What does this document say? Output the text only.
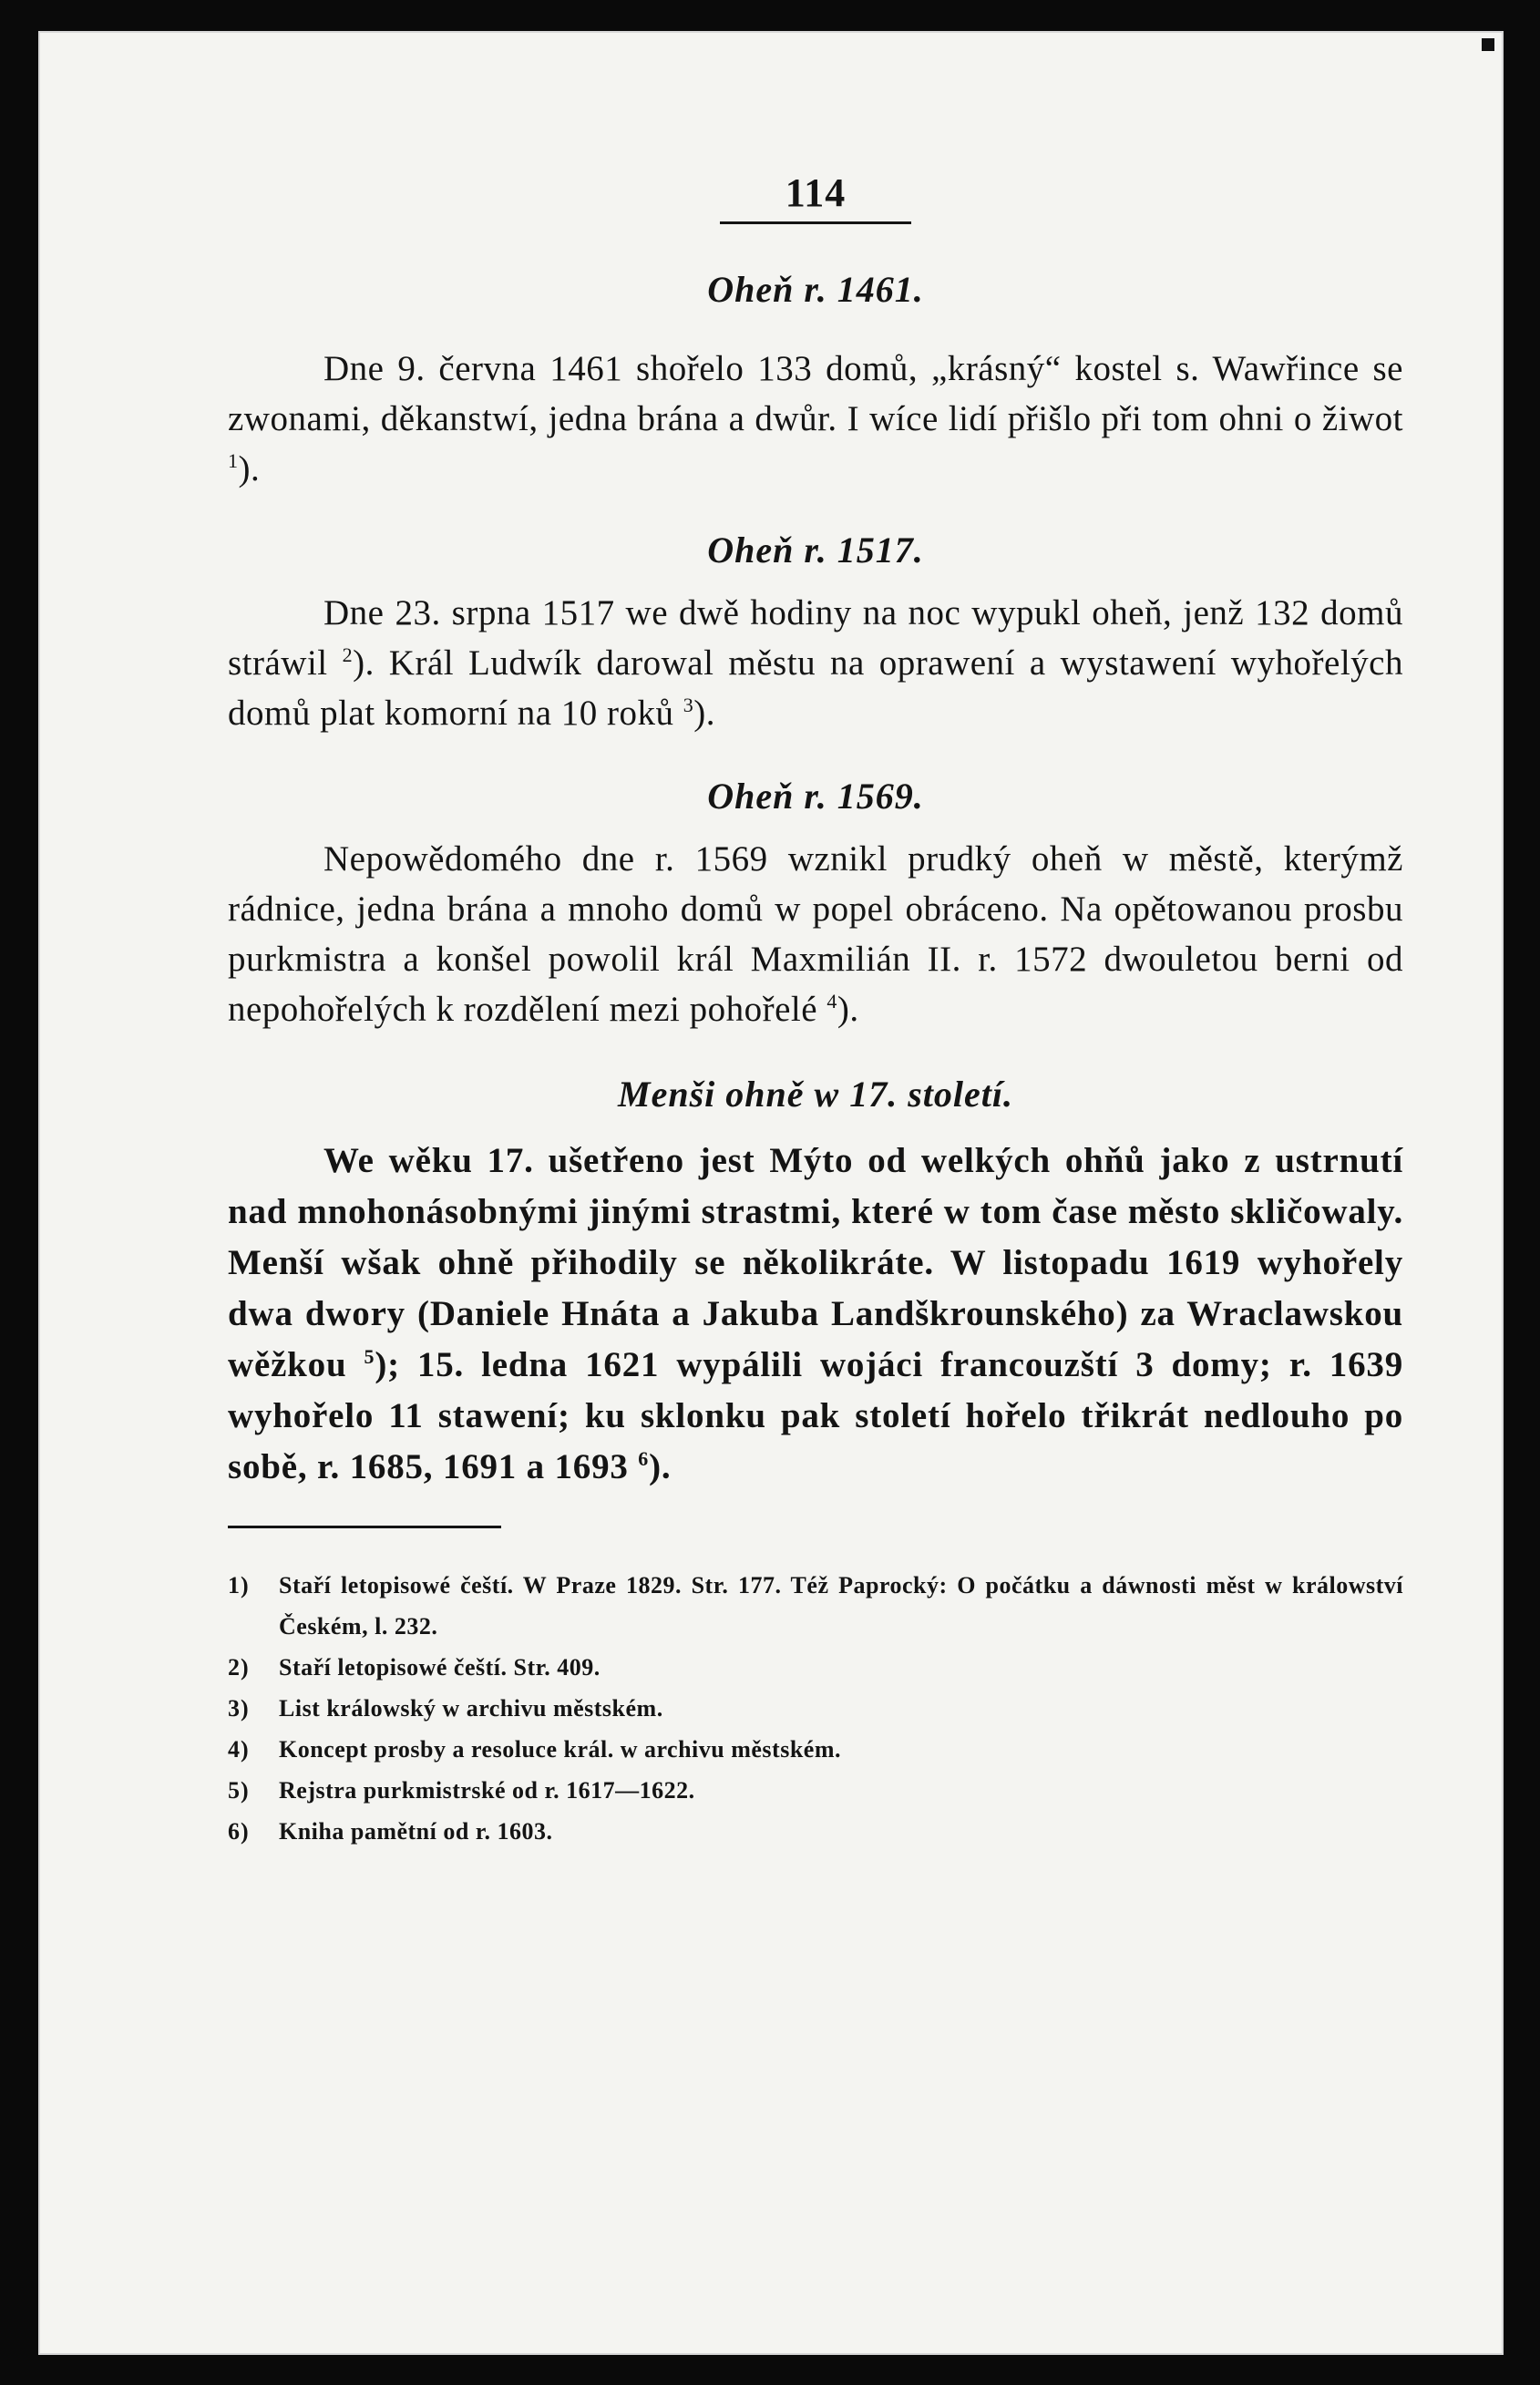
114
Oheň r. 1461.

Dne 9. června 1461 shořelo 133 domů, „krásný“ kostel s. Wawřince se zwonami, děkanstwí, jedna brána a dwůr. I wíce lidí přišlo při tom ohni o žiwot $^1$).

Oheň r. 1517.

Dne 23. srpna 1517 we dwě hodiny na noc wypukl oheň, jenž 132 domů stráwil $^2$). Král Ludwík darowal městu na oprawení a wystawení wyhořelých domů plat komorní na 10 roků $^3$).

Oheň r. 1569.

Nepowědomého dne r. 1569 wznikl prudký oheň w městě, kterýmž rádnice, jedna brána a mnoho domů w popel obráceno. Na opětowanou prosbu purkmistra a konšel powolil král Maxmilián II. r. 1572 dwouletou berni od nepohořelých k rozdělení mezi pohořelé $^4$).

Menši ohně w 17. století.

We wěku 17. ušetřeno jest Mýto od welkých ohňů jako z ustrnutí nad mnohonásobnými jinými strastmi, které w tom čase město skličowaly. Menší wšak ohně přihodily se několikráte. W listopadu 1619 wyhořely dwa dwory (Daniele Hnáta a Jakuba Landškrounského) za Wraclawskou wěžkou $^5$); 15. ledna 1621 wypálili wojáci francouzští 3 domy; r. 1639 wyhořelo 11 stawení; ku sklonku pak století hořelo třikrát nedlouho po sobě, r. 1685, 1691 a 1693 $^6$).

1)	Staří letopisowé čeští. W Praze 1829. Str. 177. Též Paprocký: O počátku a dáwnosti měst w králowství Českém, l. 232.
2)	Staří letopisowé čeští. Str. 409.
3)	List králowský w archivu městském.
4)	Koncept prosby a resoluce král. w archivu městském.
5)	Rejstra purkmistrské od r. 1617—1622.
6)	Kniha pamětní od r. 1603.
